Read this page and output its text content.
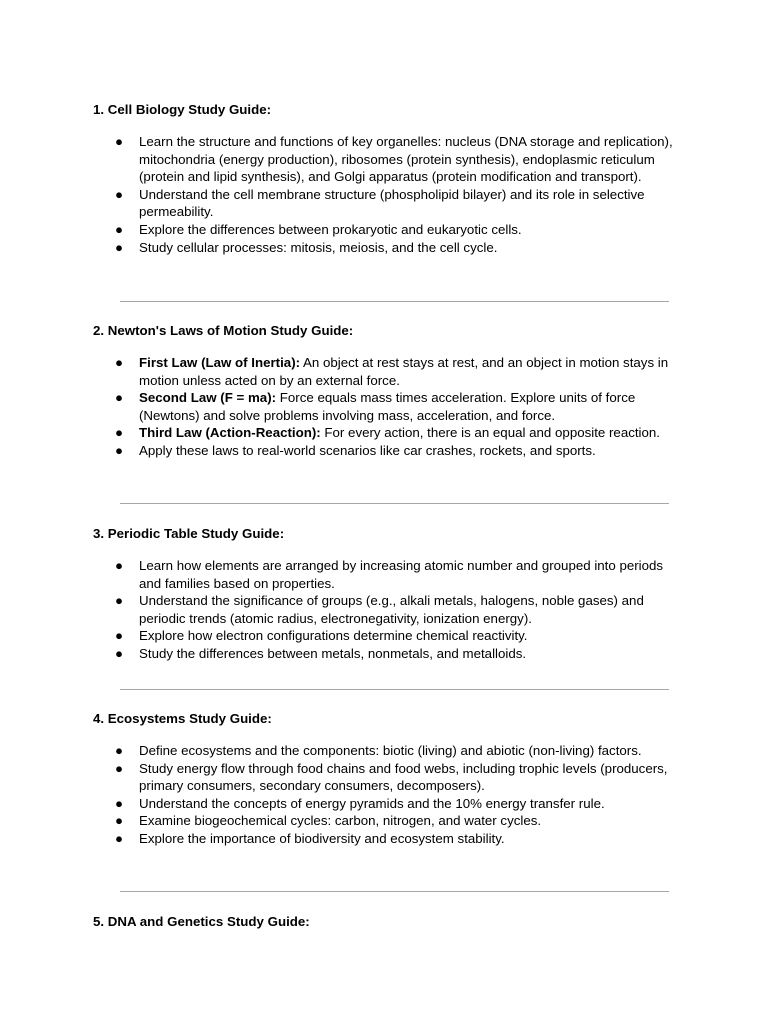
1. Cell Biology Study Guide:

● Learn the structure and functions of key organelles: nucleus (DNA storage and replication), mitochondria (energy production), ribosomes (protein synthesis), endoplasmic reticulum (protein and lipid synthesis), and Golgi apparatus (protein modification and transport).
● Understand the cell membrane structure (phospholipid bilayer) and its role in selective permeability.
● Explore the differences between prokaryotic and eukaryotic cells.
● Study cellular processes: mitosis, meiosis, and the cell cycle.

2. Newton's Laws of Motion Study Guide:

● First Law (Law of Inertia): An object at rest stays at rest, and an object in motion stays in motion unless acted on by an external force.
● Second Law (F = ma): Force equals mass times acceleration. Explore units of force (Newtons) and solve problems involving mass, acceleration, and force.
● Third Law (Action-Reaction): For every action, there is an equal and opposite reaction.
● Apply these laws to real-world scenarios like car crashes, rockets, and sports.

3. Periodic Table Study Guide:

● Learn how elements are arranged by increasing atomic number and grouped into periods and families based on properties.
● Understand the significance of groups (e.g., alkali metals, halogens, noble gases) and periodic trends (atomic radius, electronegativity, ionization energy).
● Explore how electron configurations determine chemical reactivity.
● Study the differences between metals, nonmetals, and metalloids.

4. Ecosystems Study Guide:

● Define ecosystems and the components: biotic (living) and abiotic (non-living) factors.
● Study energy flow through food chains and food webs, including trophic levels (producers, primary consumers, secondary consumers, decomposers).
● Understand the concepts of energy pyramids and the 10% energy transfer rule.
● Examine biogeochemical cycles: carbon, nitrogen, and water cycles.
● Explore the importance of biodiversity and ecosystem stability.

5. DNA and Genetics Study Guide:
